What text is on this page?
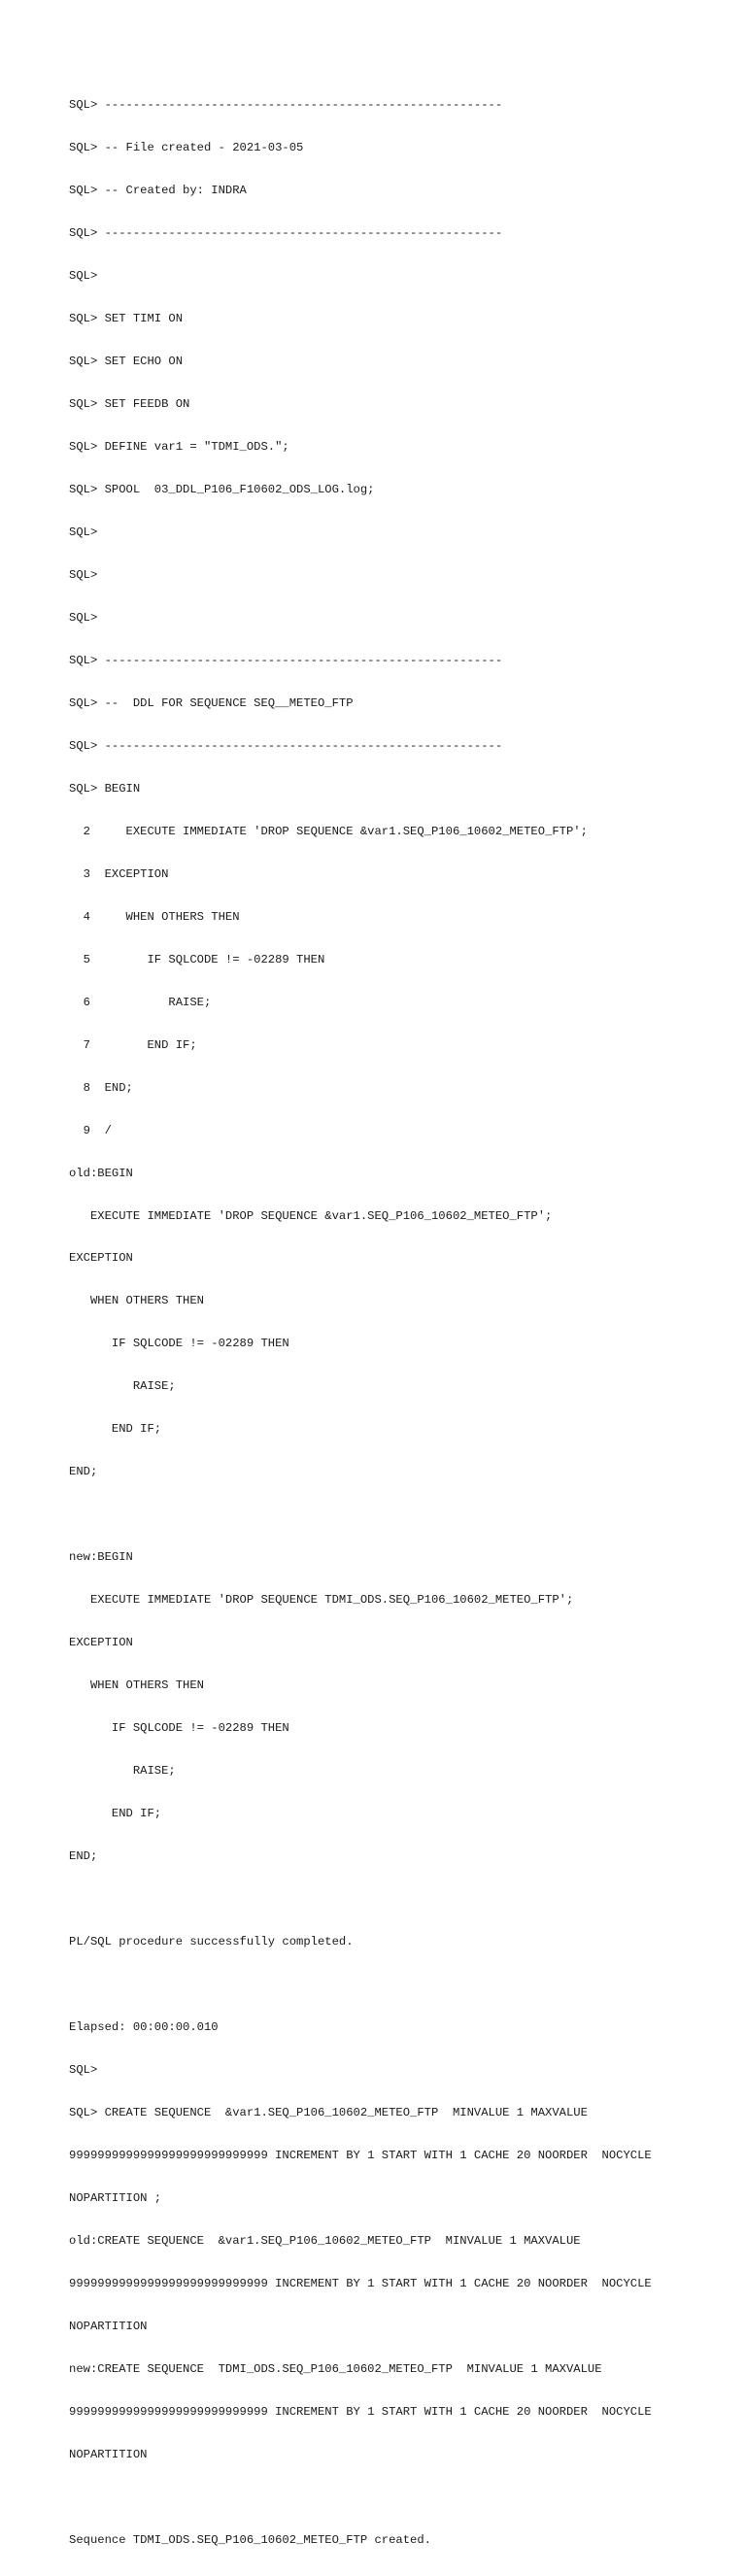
SQL> --------------------------------------------------------

SQL> -- File created - 2021-03-05

SQL> -- Created by: INDRA

SQL> --------------------------------------------------------

SQL>

SQL> SET TIMI ON

SQL> SET ECHO ON

SQL> SET FEEDB ON

SQL> DEFINE var1 = "TDMI_ODS.";

SQL> SPOOL  03_DDL_P106_F10602_ODS_LOG.log;

SQL>

SQL>

SQL>

SQL> --------------------------------------------------------

SQL> --  DDL FOR SEQUENCE SEQ__METEO_FTP

SQL> --------------------------------------------------------

SQL> BEGIN

2     EXECUTE IMMEDIATE 'DROP SEQUENCE &var1.SEQ_P106_10602_METEO_FTP';

3  EXCEPTION

4     WHEN OTHERS THEN

5        IF SQLCODE != -02289 THEN

6           RAISE;

7        END IF;

8  END;

9  /

old:BEGIN

EXECUTE IMMEDIATE 'DROP SEQUENCE &var1.SEQ_P106_10602_METEO_FTP';

EXCEPTION

WHEN OTHERS THEN

IF SQLCODE != -02289 THEN

RAISE;

END IF;

END;

new:BEGIN

EXECUTE IMMEDIATE 'DROP SEQUENCE TDMI_ODS.SEQ_P106_10602_METEO_FTP';

EXCEPTION

WHEN OTHERS THEN

IF SQLCODE != -02289 THEN

RAISE;

END IF;

END;

PL/SQL procedure successfully completed.

Elapsed: 00:00:00.010

SQL>

SQL> CREATE SEQUENCE  &var1.SEQ_P106_10602_METEO_FTP  MINVALUE 1 MAXVALUE

9999999999999999999999999999 INCREMENT BY 1 START WITH 1 CACHE 20 NOORDER  NOCYCLE

NOPARTITION ;

old:CREATE SEQUENCE  &var1.SEQ_P106_10602_METEO_FTP  MINVALUE 1 MAXVALUE

9999999999999999999999999999 INCREMENT BY 1 START WITH 1 CACHE 20 NOORDER  NOCYCLE

NOPARTITION

new:CREATE SEQUENCE  TDMI_ODS.SEQ_P106_10602_METEO_FTP  MINVALUE 1 MAXVALUE

9999999999999999999999999999 INCREMENT BY 1 START WITH 1 CACHE 20 NOORDER  NOCYCLE

NOPARTITION

Sequence TDMI_ODS.SEQ_P106_10602_METEO_FTP created.
